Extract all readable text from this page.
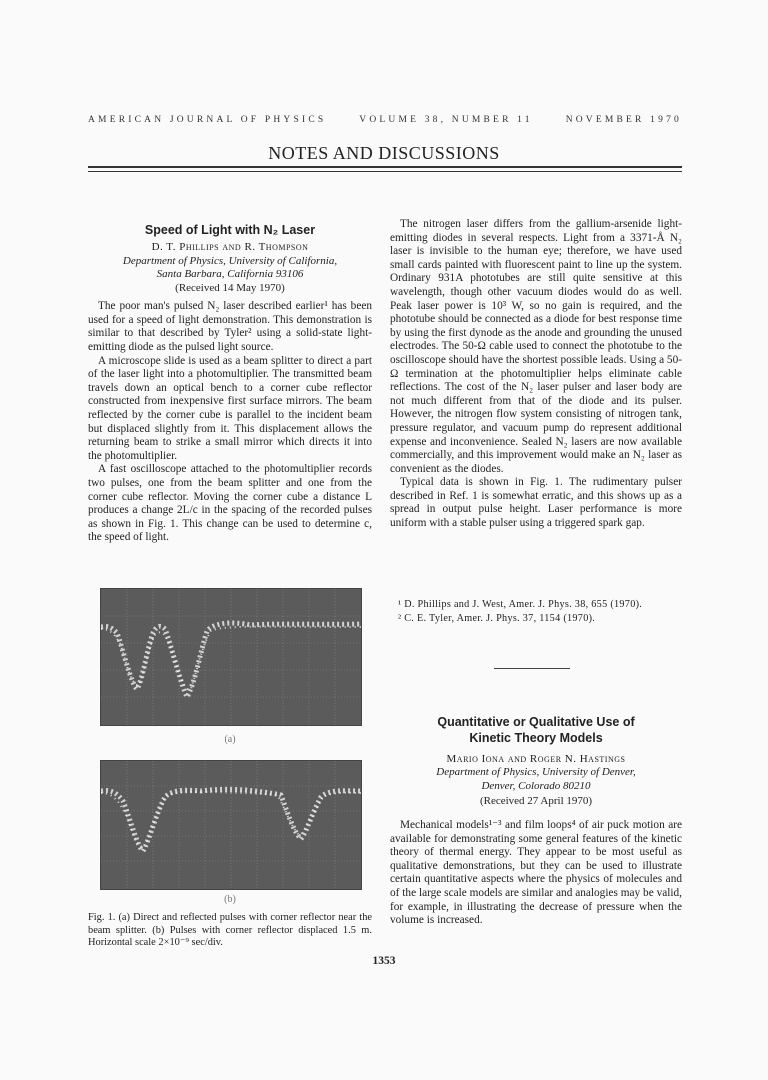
AMERICAN JOURNAL OF PHYSICS	VOLUME 38, NUMBER 11	NOVEMBER 1970
NOTES AND DISCUSSIONS
Speed of Light with N₂ Laser
D. T. Phillips and R. Thompson
Department of Physics, University of California,
Santa Barbara, California 93106
(Received 14 May 1970)

The poor man's pulsed N₂ laser described earlier¹ has been used for a speed of light demonstration. This demonstration is similar to that described by Tyler² using a solid-state light-emitting diode as the pulsed light source.

A microscope slide is used as a beam splitter to direct a part of the laser light into a photomultiplier. The transmitted beam travels down an optical bench to a corner cube reflector constructed from inexpensive first surface mirrors. The beam reflected by the corner cube is parallel to the incident beam but displaced slightly from it. This displacement allows the returning beam to strike a small mirror which directs it into the photomultiplier.

A fast oscilloscope attached to the photomultiplier records two pulses, one from the beam splitter and one from the corner cube reflector. Moving the corner cube a distance L produces a change 2L/c in the spacing of the recorded pulses as shown in Fig. 1. This change can be used to determine c, the speed of light.

(a)
(b)
Fig. 1. (a) Direct and reflected pulses with corner reflector near the beam splitter. (b) Pulses with corner reflector displaced 1.5 m. Horizontal scale 2×10⁻⁹ sec/div.

The nitrogen laser differs from the gallium-arsenide light-emitting diodes in several respects. Light from a 3371-Å N₂ laser is invisible to the human eye; therefore, we have used small cards painted with fluorescent paint to line up the system. Ordinary 931A phototubes are still quite sensitive at this wavelength, though other vacuum diodes would do as well. Peak laser power is 10³ W, so no gain is required, and the phototube should be connected as a diode for best response time by using the first dynode as the anode and grounding the unused electrodes. The 50-Ω cable used to connect the phototube to the oscilloscope should have the shortest possible leads. Using a 50-Ω termination at the photomultiplier helps eliminate cable reflections. The cost of the N₂ laser pulser and laser body are not much different from that of the diode and its pulser. However, the nitrogen flow system consisting of nitrogen tank, pressure regulator, and vacuum pump do represent additional expense and inconvenience. Sealed N₂ lasers are now available commercially, and this improvement would make an N₂ laser as convenient as the diodes.

Typical data is shown in Fig. 1. The rudimentary pulser described in Ref. 1 is somewhat erratic, and this shows up as a spread in output pulse height. Laser performance is more uniform with a stable pulser using a triggered spark gap.

¹ D. Phillips and J. West, Amer. J. Phys. 38, 655 (1970).
² C. E. Tyler, Amer. J. Phys. 37, 1154 (1970).
Quantitative or Qualitative Use of
Kinetic Theory Models
Mario Iona and Roger N. Hastings
Department of Physics, University of Denver,
Denver, Colorado 80210
(Received 27 April 1970)

Mechanical models¹⁻³ and film loops⁴ of air puck motion are available for demonstrating some general features of the kinetic theory of thermal energy. They appear to be most useful as qualitative demonstrations, but they can be used to illustrate certain quantitative aspects where the physics of molecules and of the large scale models are similar and analogies may be valid, for example, in illustrating the decrease of pressure when the volume is increased.

1353
